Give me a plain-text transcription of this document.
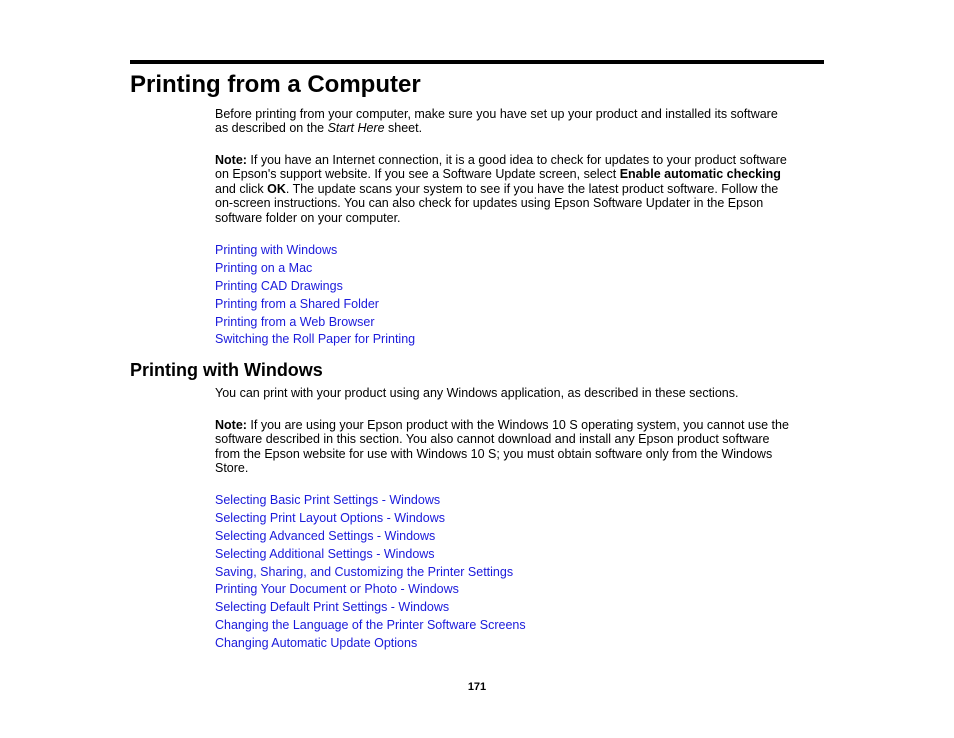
Printing from a Computer

Before printing from your computer, make sure you have set up your product and installed its software
as described on the Start Here sheet.

Note: If you have an Internet connection, it is a good idea to check for updates to your product software
on Epson's support website. If you see a Software Update screen, select Enable automatic checking
and click OK. The update scans your system to see if you have the latest product software. Follow the
on-screen instructions. You can also check for updates using Epson Software Updater in the Epson
software folder on your computer.

Printing with Windows
Printing on a Mac
Printing CAD Drawings
Printing from a Shared Folder
Printing from a Web Browser
Switching the Roll Paper for Printing
Printing with Windows

You can print with your product using any Windows application, as described in these sections.

Note: If you are using your Epson product with the Windows 10 S operating system, you cannot use the
software described in this section. You also cannot download and install any Epson product software
from the Epson website for use with Windows 10 S; you must obtain software only from the Windows
Store.

Selecting Basic Print Settings - Windows
Selecting Print Layout Options - Windows
Selecting Advanced Settings - Windows
Selecting Additional Settings - Windows
Saving, Sharing, and Customizing the Printer Settings
Printing Your Document or Photo - Windows
Selecting Default Print Settings - Windows
Changing the Language of the Printer Software Screens
Changing Automatic Update Options
171
